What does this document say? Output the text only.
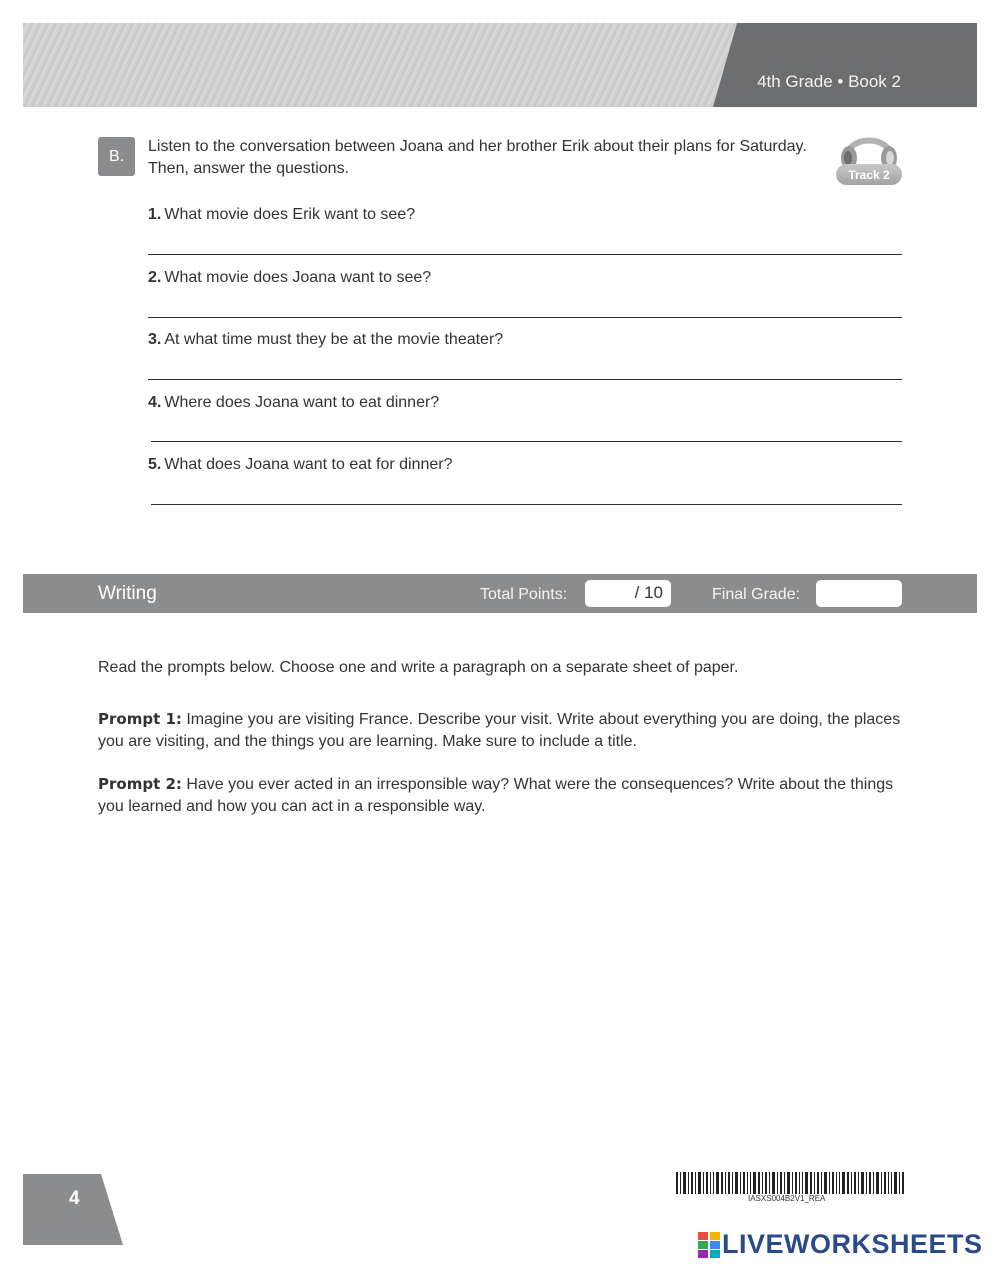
4th Grade • Book 2
B.
Listen to the conversation between Joana and her brother Erik about their plans for Saturday. Then, answer the questions.	Track 2
1. What movie does Erik want to see?
2. What movie does Joana want to see?
3. At what time must they be at the movie theater?
4. Where does Joana want to eat dinner?
5. What does Joana want to eat for dinner?
Writing	Total Points:	/ 10	Final Grade:
Read the prompts below. Choose one and write a paragraph on a separate sheet of paper.
Prompt 1: Imagine you are visiting France. Describe your visit. Write about everything you are doing, the places you are visiting, and the things you are learning. Make sure to include a title.
Prompt 2: Have you ever acted in an irresponsible way? What were the consequences? Write about the things you learned and how you can act in a responsible way.
4	IASXS004B2V1_REA
LIVEWORKSHEETS
